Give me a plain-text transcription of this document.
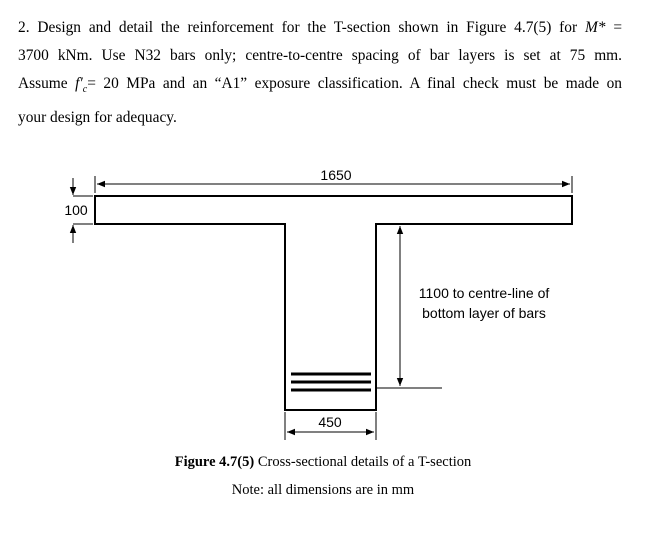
2. Design and detail the reinforcement for the T-section shown in Figure 4.7(5) for M* =
3700 kNm. Use N32 bars only; centre-to-centre spacing of bar layers is set at 75 mm.
Assume $f'_c= 20$ MPa and an “A1” exposure classification. A final check must be made on
your design for adequacy.
1650
100
450
1100 to centre-line of
bottom layer of bars
Figure 4.7(5) Cross-sectional details of a T-section
Note: all dimensions are in mm
